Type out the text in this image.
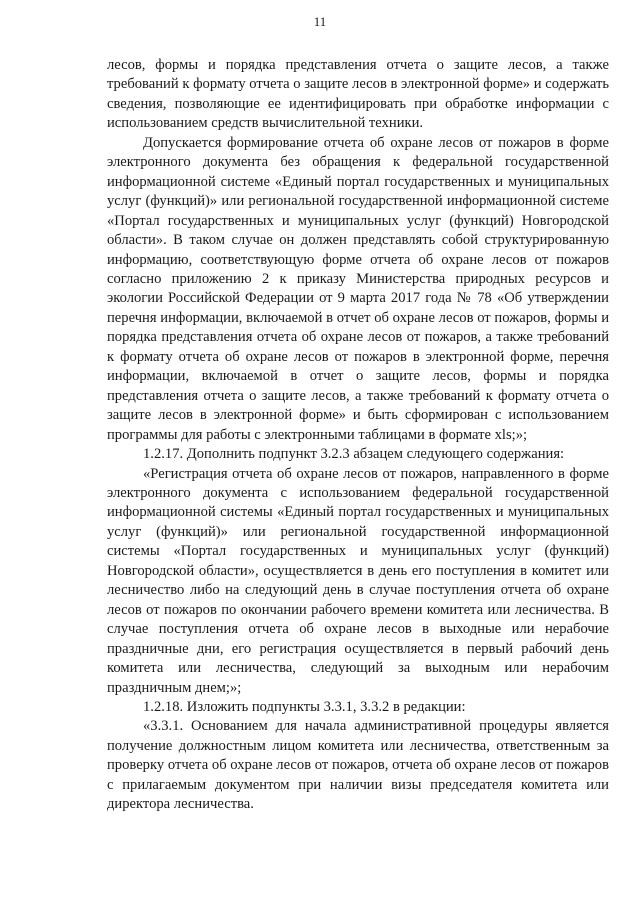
11

лесов, формы и порядка представления отчета о защите лесов, а также требований к формату отчета о защите лесов в электронной форме» и содержать сведения, позволяющие ее идентифицировать при обработке информации с использованием средств вычислительной техники.

Допускается формирование отчета об охране лесов от пожаров в форме электронного документа без обращения к федеральной государственной информационной системе «Единый портал государственных и муниципальных услуг (функций)» или региональной государственной информационной системе «Портал государственных и муниципальных услуг (функций) Новгородской области». В таком случае он должен представлять собой структурированную информацию, соответствующую форме отчета об охране лесов от пожаров согласно приложению 2 к приказу Министерства природных ресурсов и экологии Российской Федерации от 9 марта 2017 года № 78 «Об утверждении перечня информации, включаемой в отчет об охране лесов от пожаров, формы и порядка представления отчета об охране лесов от пожаров, а также требований к формату отчета об охране лесов от пожаров в электронной форме, перечня информации, включаемой в отчет о защите лесов, формы и порядка представления отчета о защите лесов, а также требований к формату отчета о защите лесов в электронной форме» и быть сформирован с использованием программы для работы с электронными таблицами в формате xls;»;

1.2.17. Дополнить подпункт 3.2.3 абзацем следующего содержания:

«Регистрация отчета об охране лесов от пожаров, направленного в форме электронного документа с использованием федеральной государственной информационной системы «Единый портал государственных и муниципальных услуг (функций)» или региональной государственной информационной системы «Портал государственных и муниципальных услуг (функций) Новгородской области», осуществляется в день его поступления в комитет или лесничество либо на следующий день в случае поступления отчета об охране лесов от пожаров по окончании рабочего времени комитета или лесничества. В случае поступления отчета об охране лесов в выходные или нерабочие праздничные дни, его регистрация осуществляется в первый рабочий день комитета или лесничества, следующий за выходным или нерабочим праздничным днем;»;

1.2.18. Изложить подпункты 3.3.1, 3.3.2 в редакции:

«3.3.1. Основанием для начала административной процедуры является получение должностным лицом комитета или лесничества, ответственным за проверку отчета об охране лесов от пожаров, отчета об охране лесов от пожаров с прилагаемым документом при наличии визы председателя комитета или директора лесничества.
